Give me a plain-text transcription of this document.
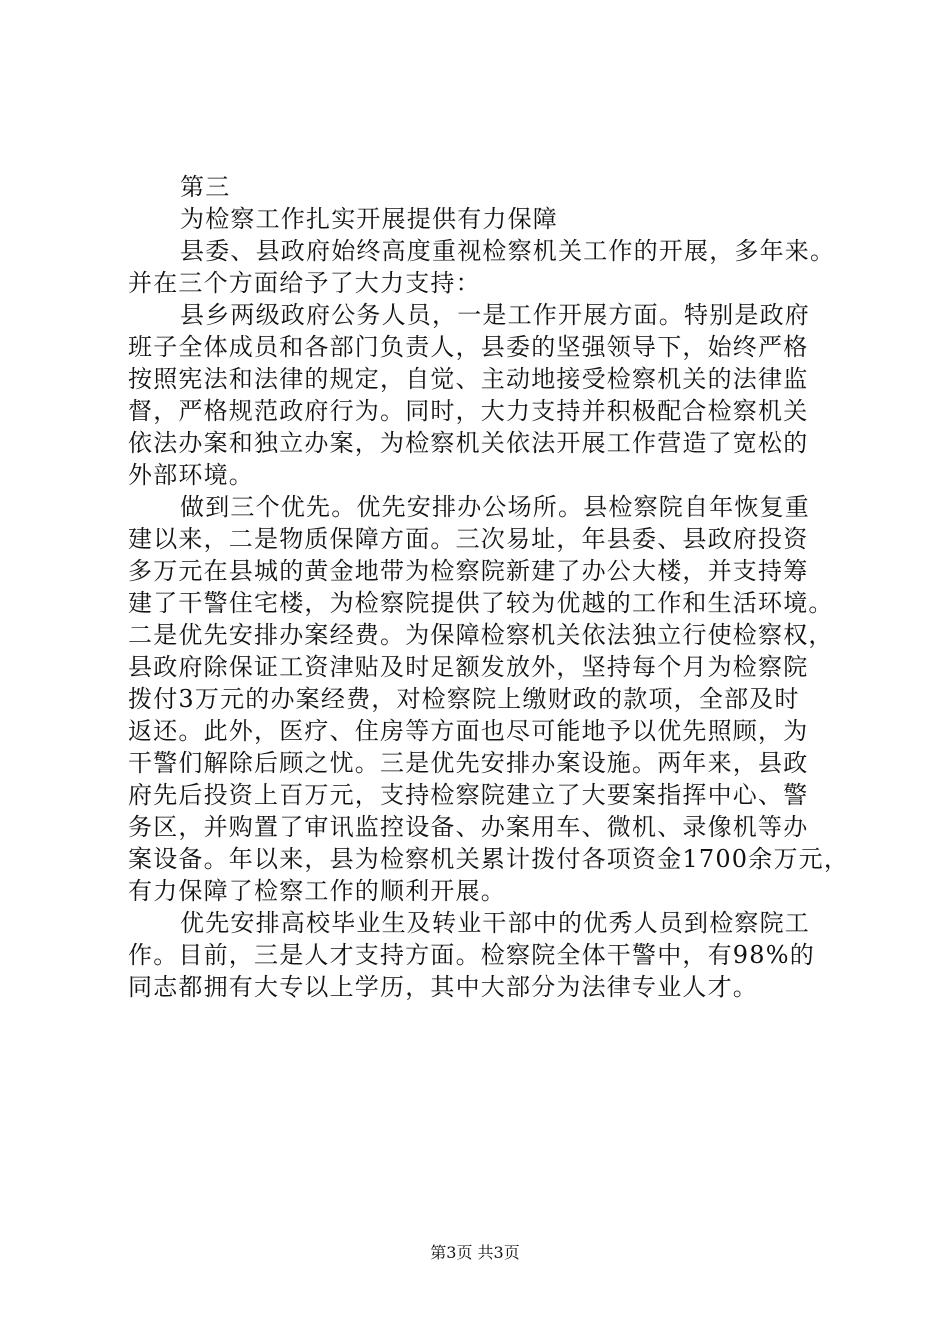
第三
为检察工作扎实开展提供有力保障
县委、县政府始终高度重视检察机关工作的开展，多年来。
并在三个方面给予了大力支持：
县乡两级政府公务人员，一是工作开展方面。特别是政府
班子全体成员和各部门负责人，县委的坚强领导下，始终严格
按照宪法和法律的规定，自觉、主动地接受检察机关的法律监
督，严格规范政府行为。同时，大力支持并积极配合检察机关
依法办案和独立办案，为检察机关依法开展工作营造了宽松的
外部环境。
做到三个优先。优先安排办公场所。县检察院自年恢复重
建以来，二是物质保障方面。三次易址，年县委、县政府投资
多万元在县城的黄金地带为检察院新建了办公大楼，并支持筹
建了干警住宅楼，为检察院提供了较为优越的工作和生活环境。
二是优先安排办案经费。为保障检察机关依法独立行使检察权，
县政府除保证工资津贴及时足额发放外，坚持每个月为检察院
拨付3万元的办案经费，对检察院上缴财政的款项，全部及时
返还。此外，医疗、住房等方面也尽可能地予以优先照顾，为
干警们解除后顾之忧。三是优先安排办案设施。两年来，县政
府先后投资上百万元，支持检察院建立了大要案指挥中心、警
务区，并购置了审讯监控设备、办案用车、微机、录像机等办
案设备。年以来，县为检察机关累计拨付各项资金1700余万元，
有力保障了检察工作的顺利开展。
优先安排高校毕业生及转业干部中的优秀人员到检察院工
作。目前，三是人才支持方面。检察院全体干警中，有98%的
同志都拥有大专以上学历，其中大部分为法律专业人才。
第3页 共3页
